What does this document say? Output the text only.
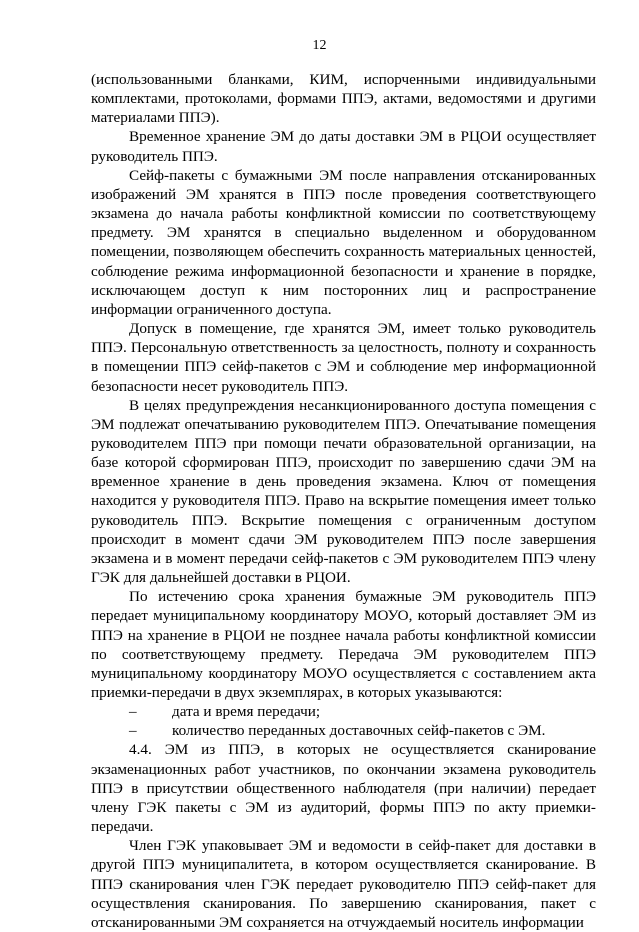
12

(использованными бланками, КИМ, испорченными индивидуальными комплектами, протоколами, формами ППЭ, актами, ведомостями и другими материалами ППЭ).

Временное хранение ЭМ до даты доставки ЭМ в РЦОИ осуществляет руководитель ППЭ.

Сейф-пакеты с бумажными ЭМ после направления отсканированных изображений ЭМ хранятся в ППЭ после проведения соответствующего экзамена до начала работы конфликтной комиссии по соответствующему предмету. ЭМ хранятся в специально выделенном и оборудованном помещении, позволяющем обеспечить сохранность материальных ценностей, соблюдение режима информационной безопасности и хранение в порядке, исключающем доступ к ним посторонних лиц и распространение информации ограниченного доступа.

Допуск в помещение, где хранятся ЭМ, имеет только руководитель ППЭ. Персональную ответственность за целостность, полноту и сохранность в помещении ППЭ сейф-пакетов с ЭМ и соблюдение мер информационной безопасности несет руководитель ППЭ.

В целях предупреждения несанкционированного доступа помещения с ЭМ подлежат опечатыванию руководителем ППЭ. Опечатывание помещения руководителем ППЭ при помощи печати образовательной организации, на базе которой сформирован ППЭ, происходит по завершению сдачи ЭМ на временное хранение в день проведения экзамена. Ключ от помещения находится у руководителя ППЭ. Право на вскрытие помещения имеет только руководитель ППЭ. Вскрытие помещения с ограниченным доступом происходит в момент сдачи ЭМ руководителем ППЭ после завершения экзамена и в момент передачи сейф-пакетов с ЭМ руководителем ППЭ члену ГЭК для дальнейшей доставки в РЦОИ.

По истечению срока хранения бумажные ЭМ руководитель ППЭ передает муниципальному координатору МОУО, который доставляет ЭМ из ППЭ на хранение в РЦОИ не позднее начала работы конфликтной комиссии по соответствующему предмету. Передача ЭМ руководителем ППЭ муниципальному координатору МОУО осуществляется с составлением акта приемки-передачи в двух экземплярах, в которых указываются:

– дата и время передачи;
– количество переданных доставочных сейф-пакетов с ЭМ.

4.4. ЭМ из ППЭ, в которых не осуществляется сканирование экзаменационных работ участников, по окончании экзамена руководитель ППЭ в присутствии общественного наблюдателя (при наличии) передает члену ГЭК пакеты с ЭМ из аудиторий, формы ППЭ по акту приемки-передачи.

Член ГЭК упаковывает ЭМ и ведомости в сейф-пакет для доставки в другой ППЭ муниципалитета, в котором осуществляется сканирование. В ППЭ сканирования член ГЭК передает руководителю ППЭ сейф-пакет для осуществления сканирования. По завершению сканирования, пакет с отсканированными ЭМ сохраняется на отчуждаемый носитель информации
